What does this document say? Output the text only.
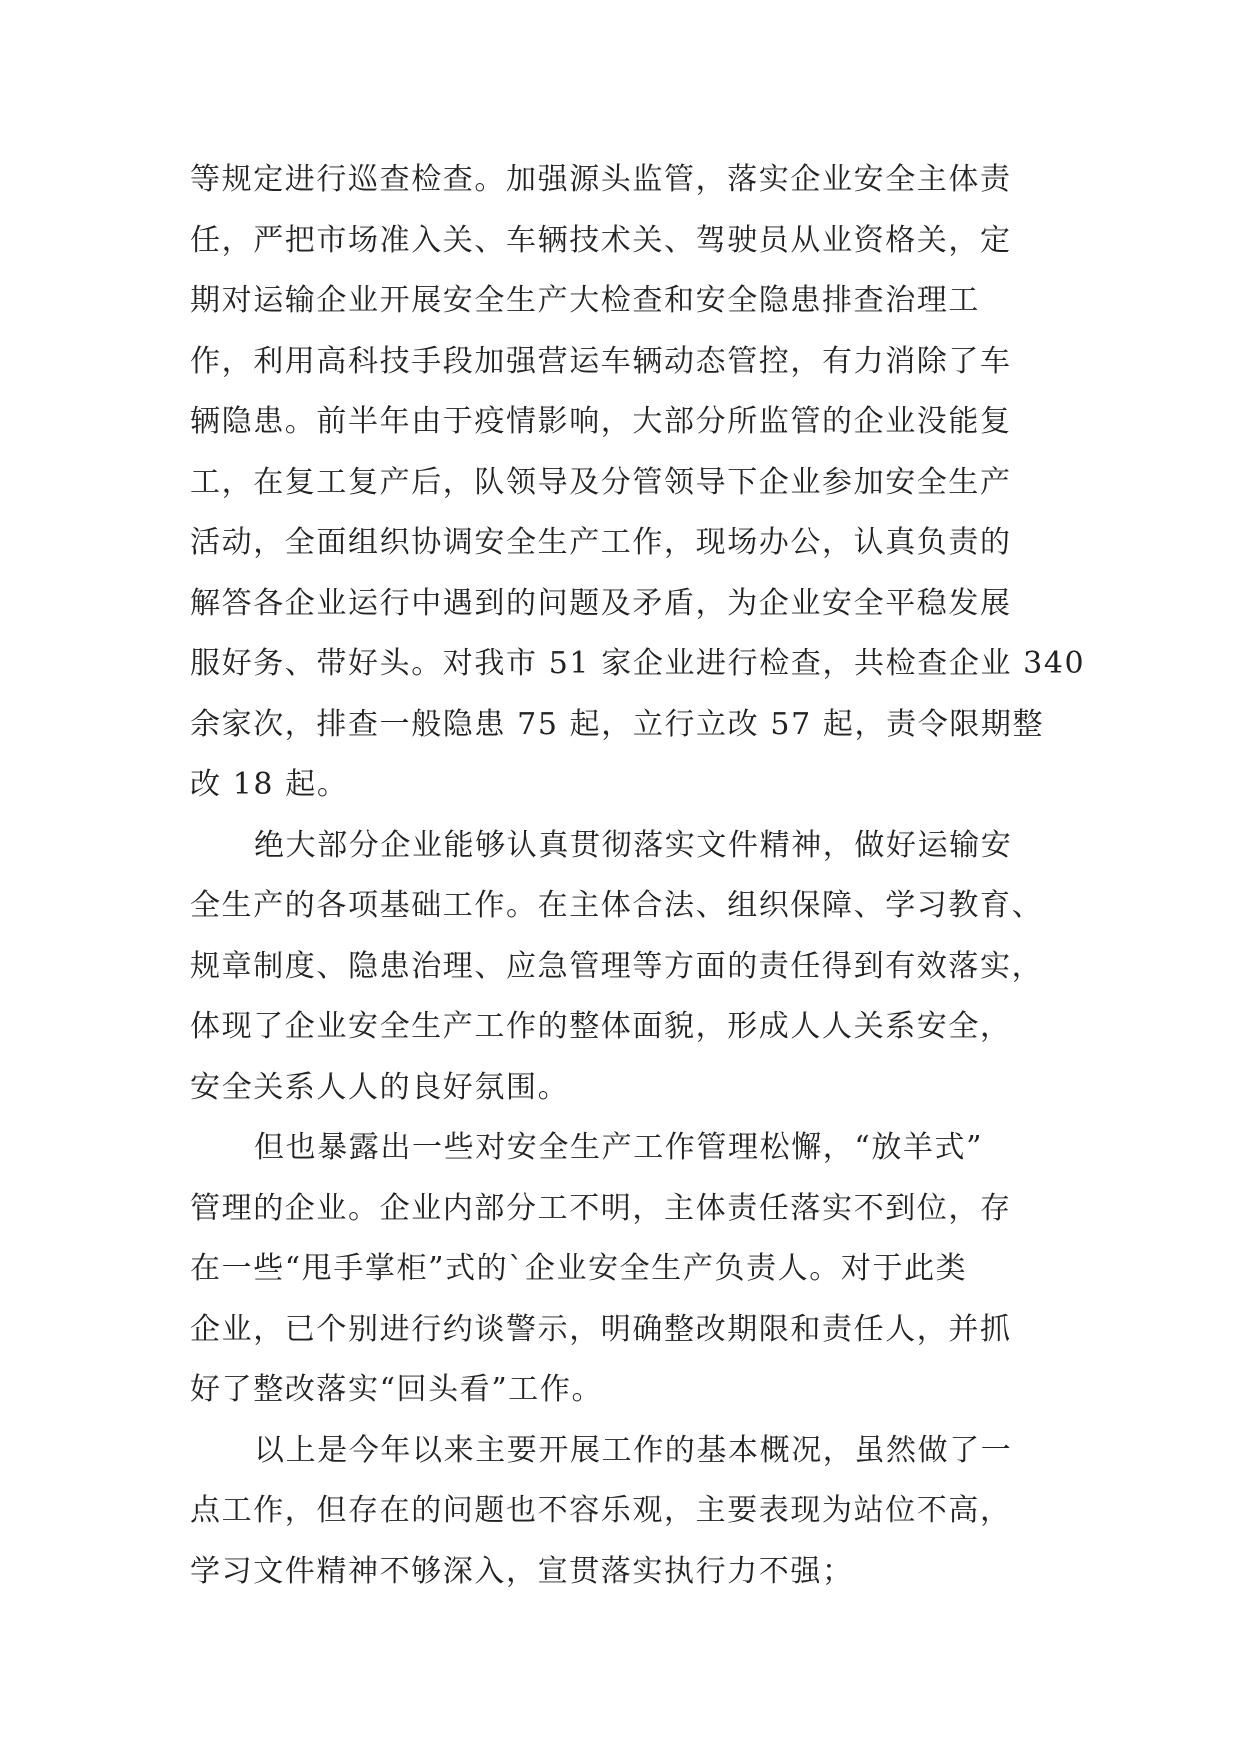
等规定进行巡查检查。加强源头监管，落实企业安全主体责

任，严把市场准入关、车辆技术关、驾驶员从业资格关，定

期对运输企业开展安全生产大检查和安全隐患排查治理工

作，利用高科技手段加强营运车辆动态管控，有力消除了车

辆隐患。前半年由于疫情影响，大部分所监管的企业没能复

工，在复工复产后，队领导及分管领导下企业参加安全生产

活动，全面组织协调安全生产工作，现场办公，认真负责的

解答各企业运行中遇到的问题及矛盾，为企业安全平稳发展

服好务、带好头。对我市 51 家企业进行检查，共检查企业 340

余家次，排查一般隐患 75 起，立行立改 57 起，责令限期整

改 18 起。

绝大部分企业能够认真贯彻落实文件精神，做好运输安

全生产的各项基础工作。在主体合法、组织保障、学习教育、

规章制度、隐患治理、应急管理等方面的责任得到有效落实，

体现了企业安全生产工作的整体面貌，形成人人关系安全，

安全关系人人的良好氛围。

但也暴露出一些对安全生产工作管理松懈，“放羊式”

管理的企业。企业内部分工不明，主体责任落实不到位，存

在一些“甩手掌柜”式的`企业安全生产负责人。对于此类

企业，已个别进行约谈警示，明确整改期限和责任人，并抓

好了整改落实“回头看”工作。

以上是今年以来主要开展工作的基本概况，虽然做了一

点工作，但存在的问题也不容乐观，主要表现为站位不高，

学习文件精神不够深入，宣贯落实执行力不强；
